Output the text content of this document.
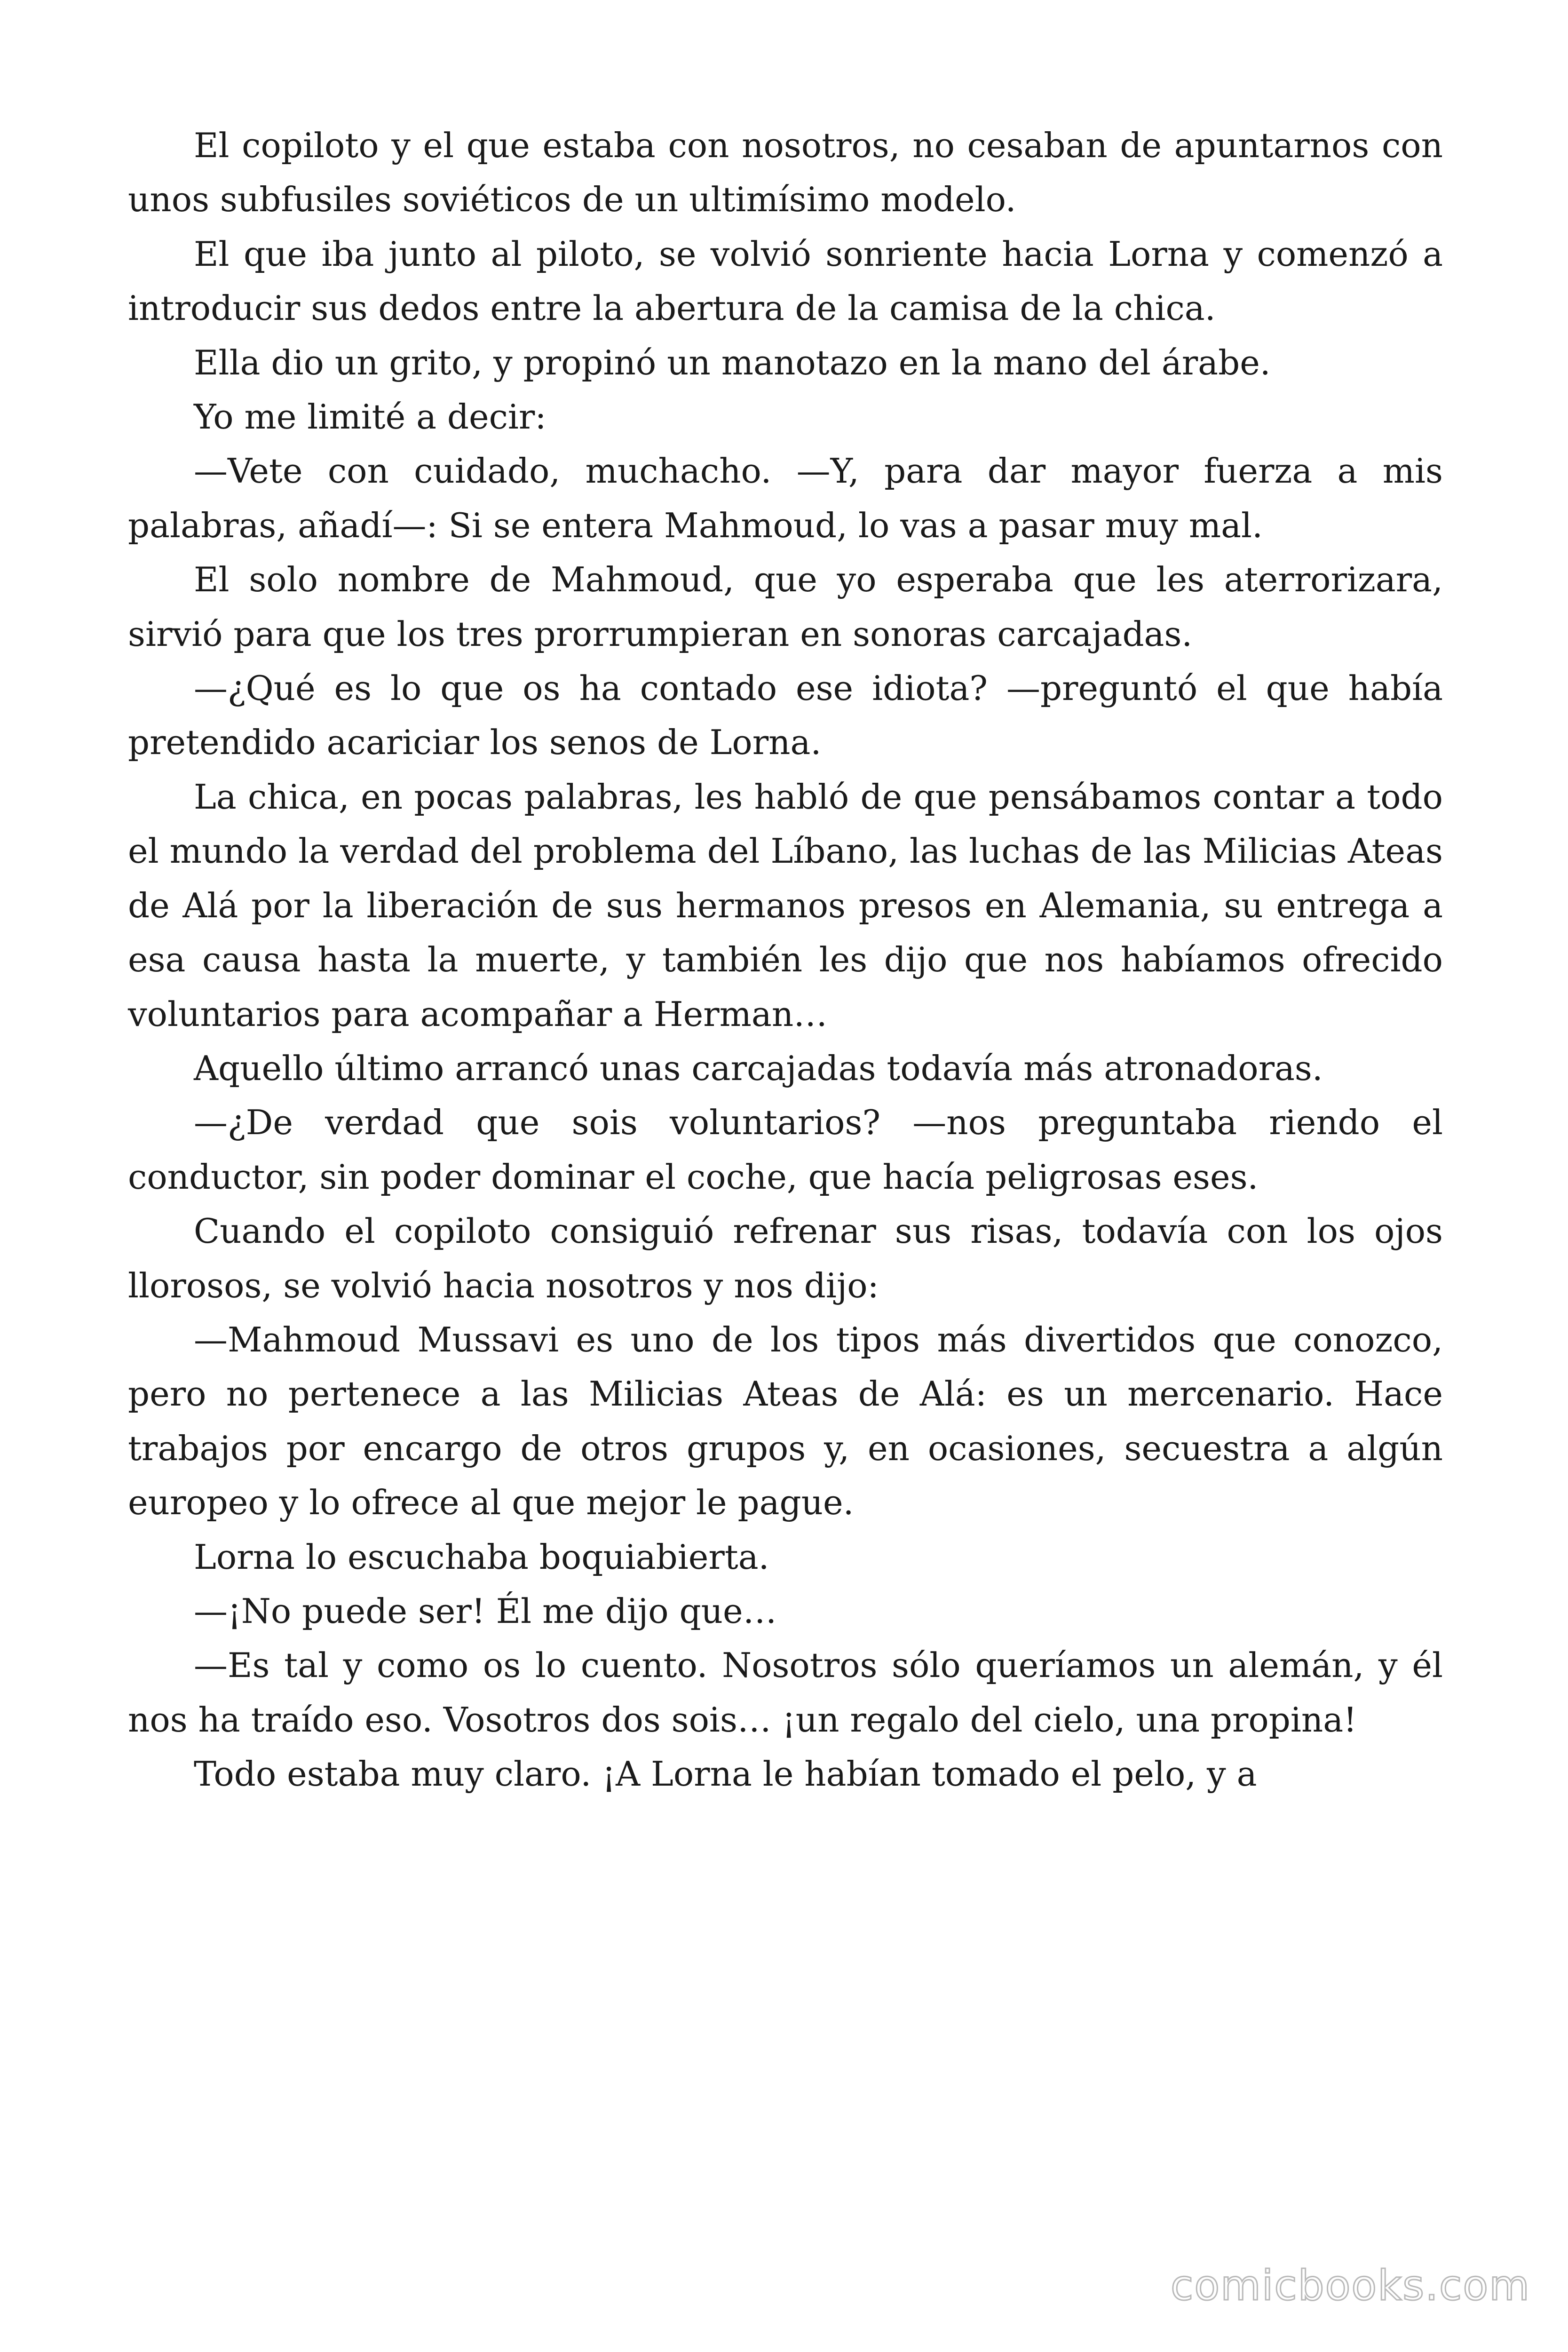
El copiloto y el que estaba con nosotros, no cesaban de apuntarnos con unos subfusiles soviéticos de un ultimísimo modelo.

El que iba junto al piloto, se volvió sonriente hacia Lorna y comenzó a introducir sus dedos entre la abertura de la camisa de la chica.

Ella dio un grito, y propinó un manotazo en la mano del árabe.

Yo me limité a decir:

—Vete con cuidado, muchacho. —Y, para dar mayor fuerza a mis palabras, añadí—: Si se entera Mahmoud, lo vas a pasar muy mal.

El solo nombre de Mahmoud, que yo esperaba que les aterrorizara, sirvió para que los tres prorrumpieran en sonoras carcajadas.

—¿Qué es lo que os ha contado ese idiota? —preguntó el que había pretendido acariciar los senos de Lorna.

La chica, en pocas palabras, les habló de que pensábamos contar a todo el mundo la verdad del problema del Líbano, las luchas de las Milicias Ateas de Alá por la liberación de sus hermanos presos en Alemania, su entrega a esa causa hasta la muerte, y también les dijo que nos habíamos ofrecido voluntarios para acompañar a Herman…

Aquello último arrancó unas carcajadas todavía más atronadoras.

—¿De verdad que sois voluntarios? —nos preguntaba riendo el conductor, sin poder dominar el coche, que hacía peligrosas eses.

Cuando el copiloto consiguió refrenar sus risas, todavía con los ojos llorosos, se volvió hacia nosotros y nos dijo:

—Mahmoud Mussavi es uno de los tipos más divertidos que conozco, pero no pertenece a las Milicias Ateas de Alá: es un mercenario. Hace trabajos por encargo de otros grupos y, en ocasiones, secuestra a algún europeo y lo ofrece al que mejor le pague.

Lorna lo escuchaba boquiabierta.

—¡No puede ser! Él me dijo que…

—Es tal y como os lo cuento. Nosotros sólo queríamos un alemán, y él nos ha traído eso. Vosotros dos sois… ¡un regalo del cielo, una propina!

Todo estaba muy claro. ¡A Lorna le habían tomado el pelo, y a

comicbooks.com
